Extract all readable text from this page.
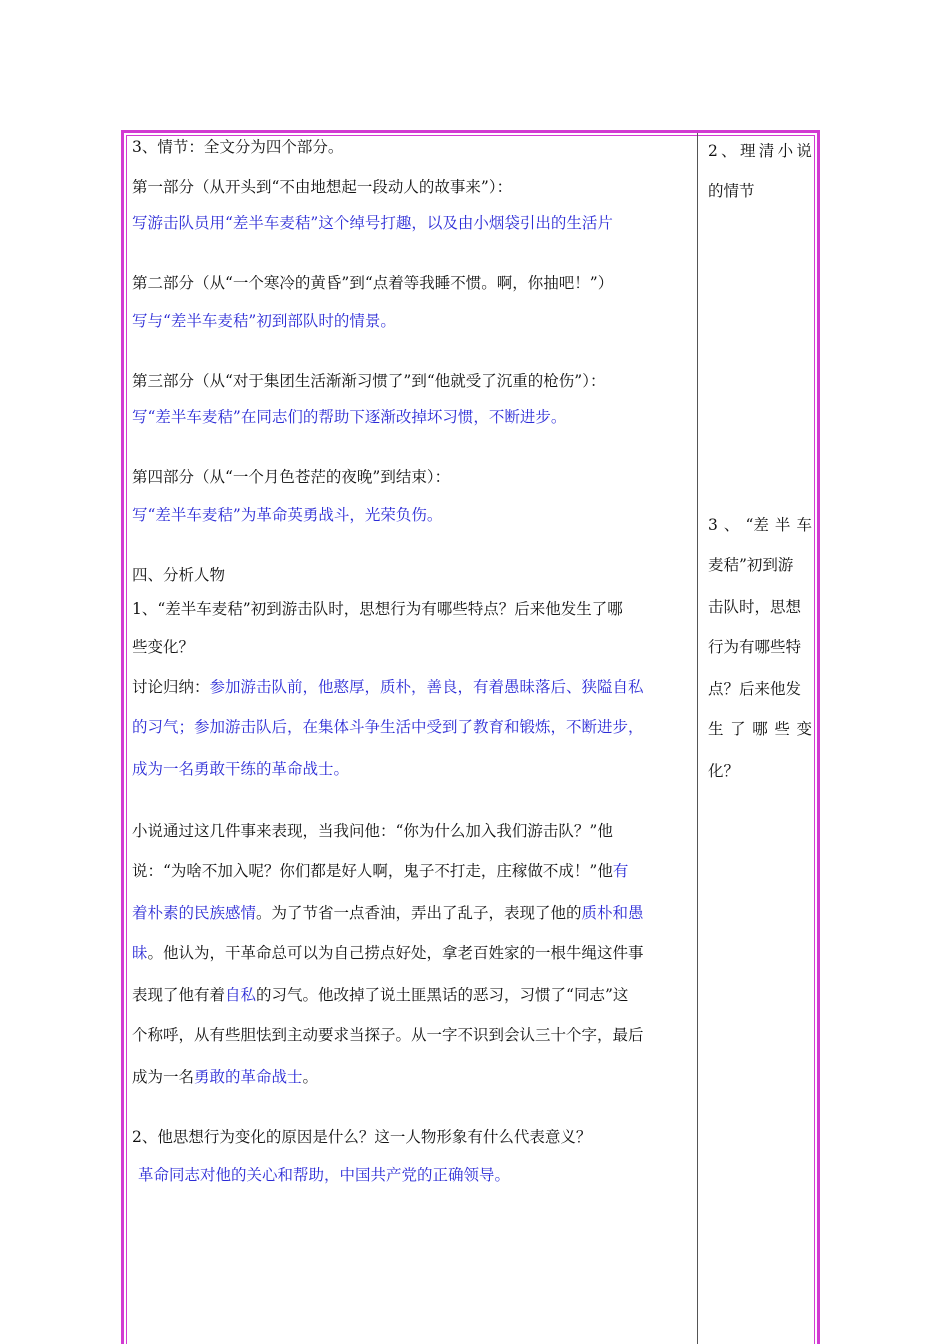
3、情节：全文分为四个部分。
第一部分（从开头到“不由地想起一段动人的故事来”）：
写游击队员用“差半车麦秸”这个绰号打趣，以及由小烟袋引出的生活片
第二部分（从“一个寒冷的黄昏”到“点着等我睡不惯。啊，你抽吧！”）
写与“差半车麦秸”初到部队时的情景。
第三部分（从“对于集团生活渐渐习惯了”到“他就受了沉重的枪伤”）：
写“差半车麦秸”在同志们的帮助下逐渐改掉坏习惯，不断进步。
第四部分（从“一个月色苍茫的夜晚”到结束）：
写“差半车麦秸”为革命英勇战斗，光荣负伤。
四、分析人物
1、“差半车麦秸”初到游击队时，思想行为有哪些特点？后来他发生了哪
些变化？
讨论归纳：参加游击队前，他憨厚，质朴，善良，有着愚昧落后、狭隘自私
的习气；参加游击队后，在集体斗争生活中受到了教育和锻炼，不断进步，
成为一名勇敢干练的革命战士。
小说通过这几件事来表现，当我问他：“你为什么加入我们游击队？”他
说：“为啥不加入呢？你们都是好人啊，鬼子不打走，庄稼做不成！”他有
着朴素的民族感情。为了节省一点香油，弄出了乱子，表现了他的质朴和愚
昧。他认为，干革命总可以为自己捞点好处，拿老百姓家的一根牛绳这件事
表现了他有着自私的习气。他改掉了说土匪黑话的恶习，习惯了“同志”这
个称呼，从有些胆怯到主动要求当探子。从一字不识到会认三十个字，最后
成为一名勇敢的革命战士。
2、他思想行为变化的原因是什么？这一人物形象有什么代表意义？
革命同志对他的关心和帮助，中国共产党的正确领导。
2 、 理 清 小 说
的情节
3 、 “差 半 车
麦秸”初到游
击队时，思想
行为有哪些特
点？后来他发
生 了 哪 些 变
化？
